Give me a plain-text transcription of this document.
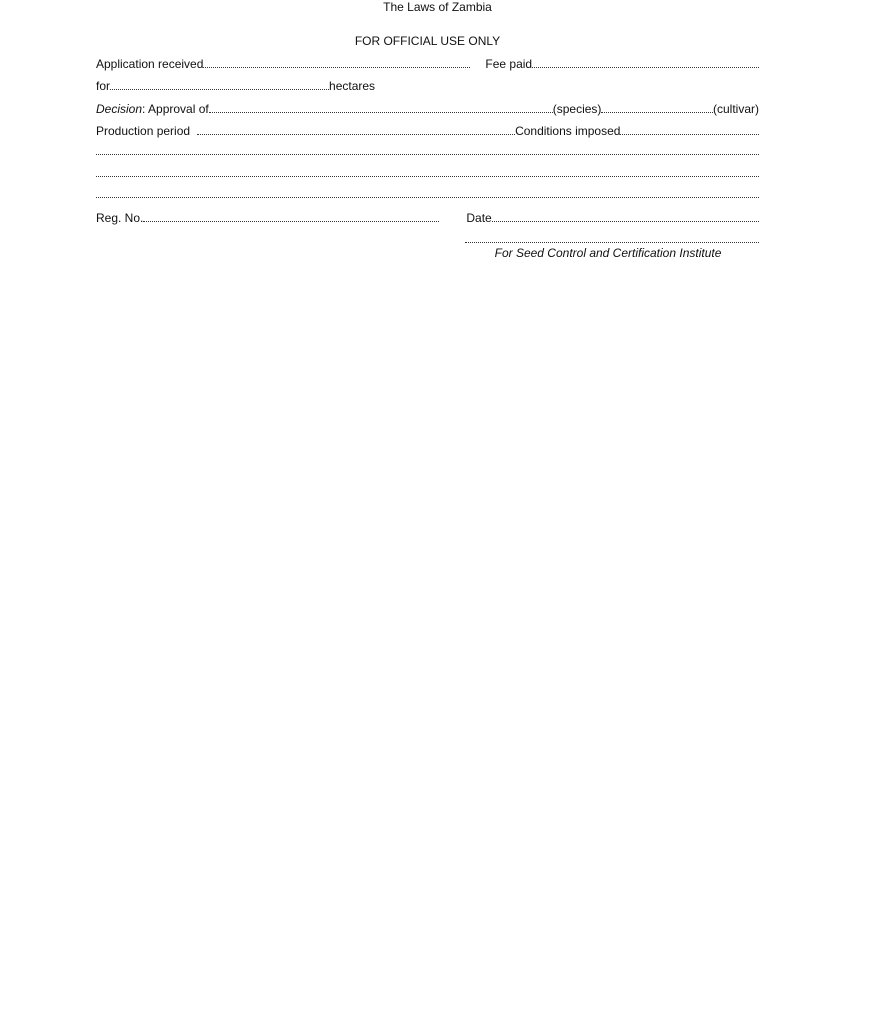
The Laws of Zambia
FOR OFFICIAL USE ONLY
Application received	Fee paid
for	hectares
Decision : Approval of	(species)	(cultivar)
Production period	Conditions imposed
Reg. No.	Date
For Seed Control and Certification Institute
